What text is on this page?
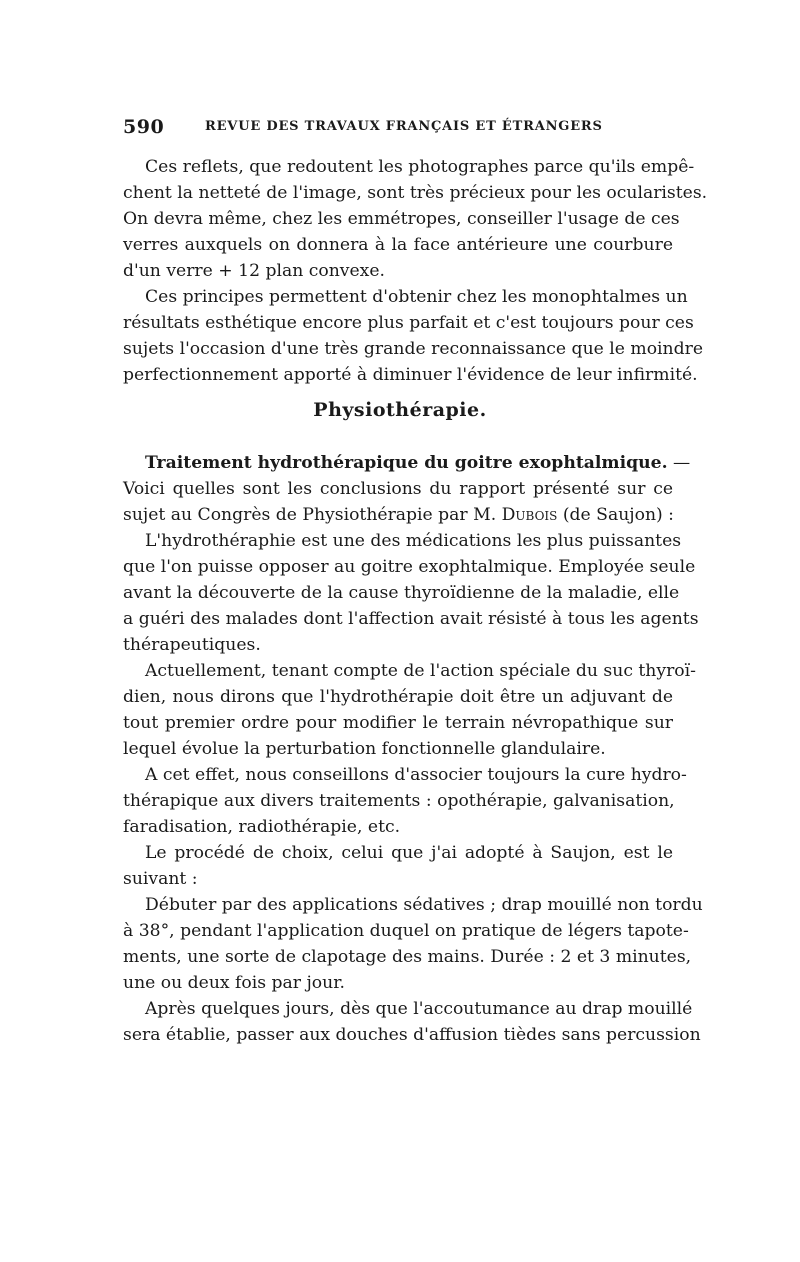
590	REVUE DES TRAVAUX FRANÇAIS ET ÉTRANGERS
Ces reflets, que redoutent les photographes parce qu'ils empê-
chent la netteté de l'image, sont très précieux pour les ocularistes.
On devra même, chez les emmétropes, conseiller l'usage de ces
verres auxquels on donnera à la face antérieure une courbure
d'un verre + 12 plan convexe.
Ces principes permettent d'obtenir chez les monophtalmes un
résultats esthétique encore plus parfait et c'est toujours pour ces
sujets l'occasion d'une très grande reconnaissance que le moindre
perfectionnement apporté à diminuer l'évidence de leur infirmité.
Physiothérapie.
Traitement hydrothérapique du goitre exophtalmique. —
Voici quelles sont les conclusions du rapport présenté sur ce
sujet au Congrès de Physiothérapie par M. Dubois (de Saujon) :
L'hydrothéraphie est une des médications les plus puissantes
que l'on puisse opposer au goitre exophtalmique. Employée seule
avant la découverte de la cause thyroïdienne de la maladie, elle
a guéri des malades dont l'affection avait résisté à tous les agents
thérapeutiques.
Actuellement, tenant compte de l'action spéciale du suc thyroï-
dien, nous dirons que l'hydrothérapie doit être un adjuvant de
tout premier ordre pour modifier le terrain névropathique sur
lequel évolue la perturbation fonctionnelle glandulaire.
A cet effet, nous conseillons d'associer toujours la cure hydro-
thérapique aux divers traitements : opothérapie, galvanisation,
faradisation, radiothérapie, etc.
Le procédé de choix, celui que j'ai adopté à Saujon, est le
suivant :
Débuter par des applications sédatives ; drap mouillé non tordu
à 38°, pendant l'application duquel on pratique de légers tapote-
ments, une sorte de clapotage des mains. Durée : 2 et 3 minutes,
une ou deux fois par jour.
Après quelques jours, dès que l'accoutumance au drap mouillé
sera établie, passer aux douches d'affusion tièdes sans percussion
